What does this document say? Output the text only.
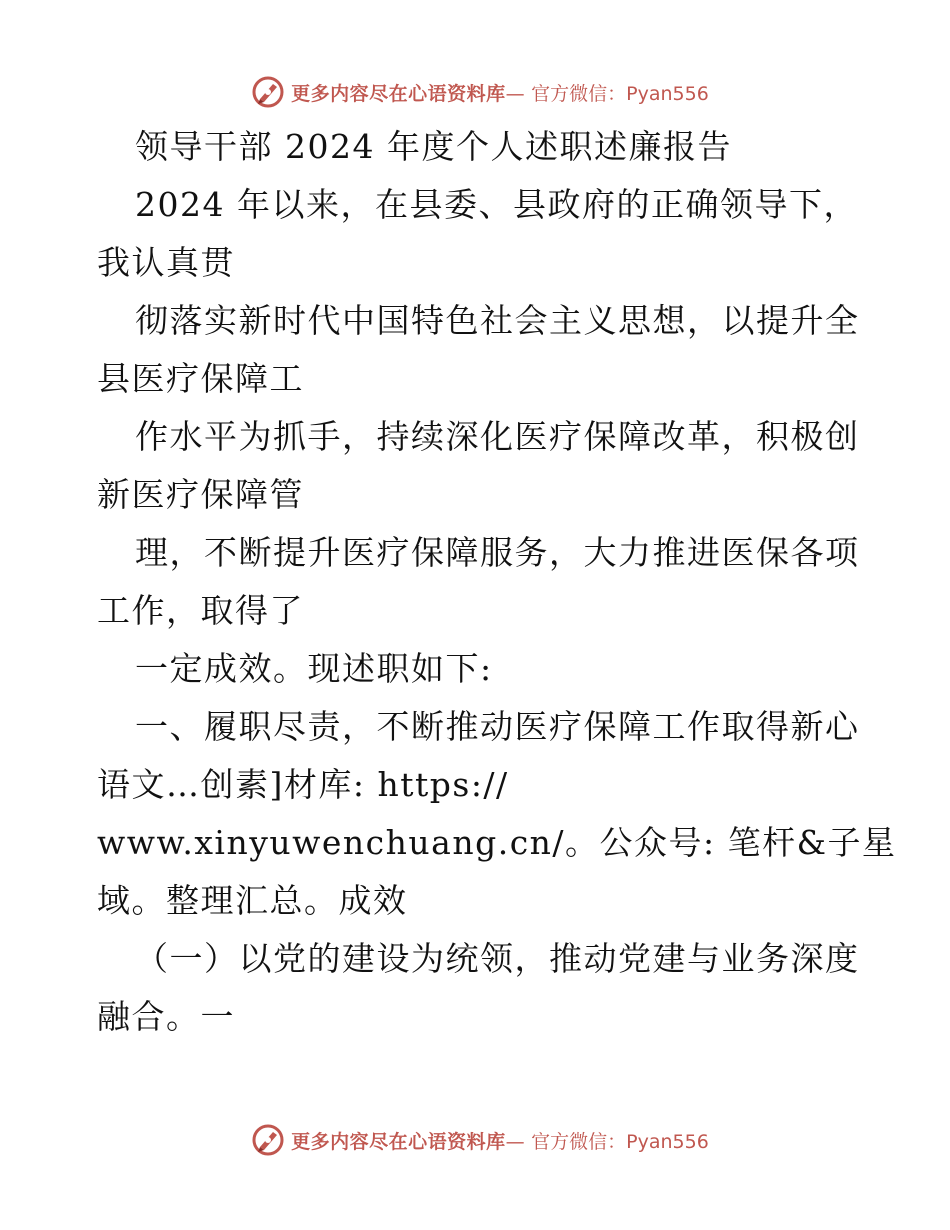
更多内容尽在心语资料库— 官方微信：Pyan556
领导干部 2024 年度个人述职述廉报告
2024 年以来，在县委、县政府的正确领导下，
我认真贯
彻落实新时代中国特色社会主义思想，以提升全
县医疗保障工
作水平为抓手，持续深化医疗保障改革，积极创
新医疗保障管
理，不断提升医疗保障服务，大力推进医保各项
工作，取得了
一定成效。现述职如下:
一、履职尽责，不断推动医疗保障工作取得新心
语文…创素]材库: https://
www.xinyuwenchuang.cn/。公众号: 笔杆&子星
域。整理汇总。成效
（一）以党的建设为统领，推动党建与业务深度
融合。一
更多内容尽在心语资料库— 官方微信：Pyan556
